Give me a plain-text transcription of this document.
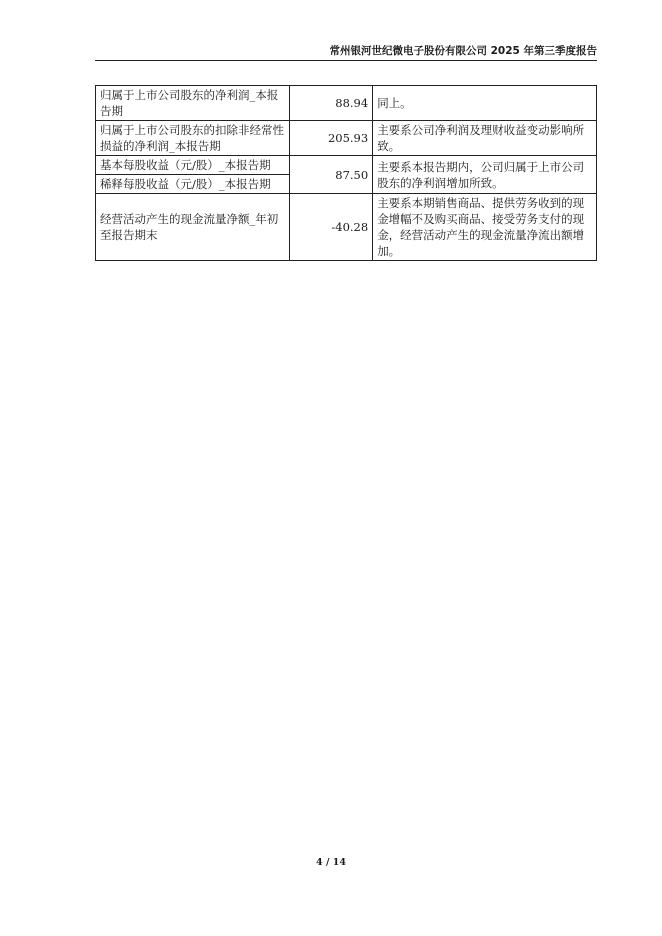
常州银河世纪微电子股份有限公司 2025 年第三季度报告
归属于上市公司股东的净利润_本报告期	88.94	同上。
归属于上市公司股东的扣除非经常性损益的净利润_本报告期	205.93	主要系公司净利润及理财收益变动影响所致。
基本每股收益（元/股）_本报告期	87.50	主要系本报告期内，公司归属于上市公司股东的净利润增加所致。
稀释每股收益（元/股）_本报告期		
经营活动产生的现金流量净额_年初至报告期末	-40.28	主要系本期销售商品、提供劳务收到的现金增幅不及购买商品、接受劳务支付的现金，经营活动产生的现金流量净流出额增加。
4 / 14
